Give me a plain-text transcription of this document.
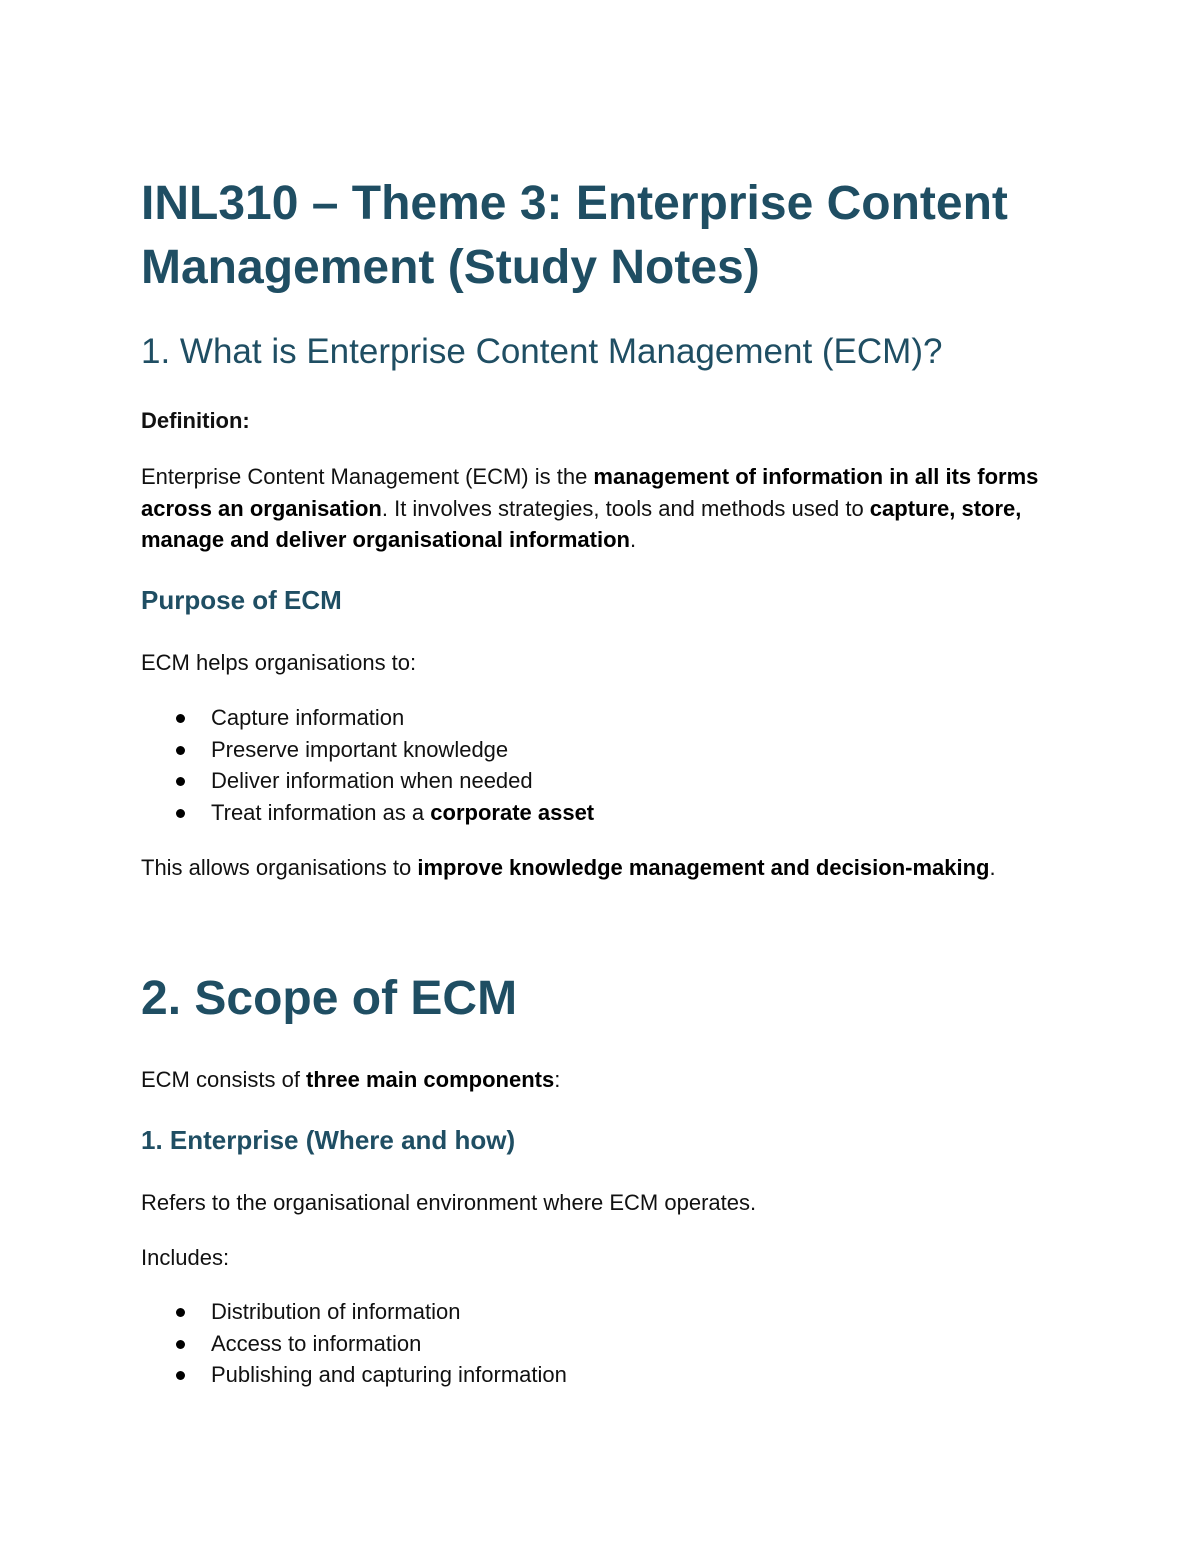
INL310 – Theme 3: Enterprise Content Management (Study Notes)
1. What is Enterprise Content Management (ECM)?

Definition:

Enterprise Content Management (ECM) is the management of information in all its forms across an organisation. It involves strategies, tools and methods used to capture, store, manage and deliver organisational information.

Purpose of ECM

ECM helps organisations to:

Capture information
Preserve important knowledge
Deliver information when needed
Treat information as a corporate asset

This allows organisations to improve knowledge management and decision-making.

2. Scope of ECM

ECM consists of three main components:

1. Enterprise (Where and how)

Refers to the organisational environment where ECM operates.

Includes:

Distribution of information
Access to information
Publishing and capturing information
